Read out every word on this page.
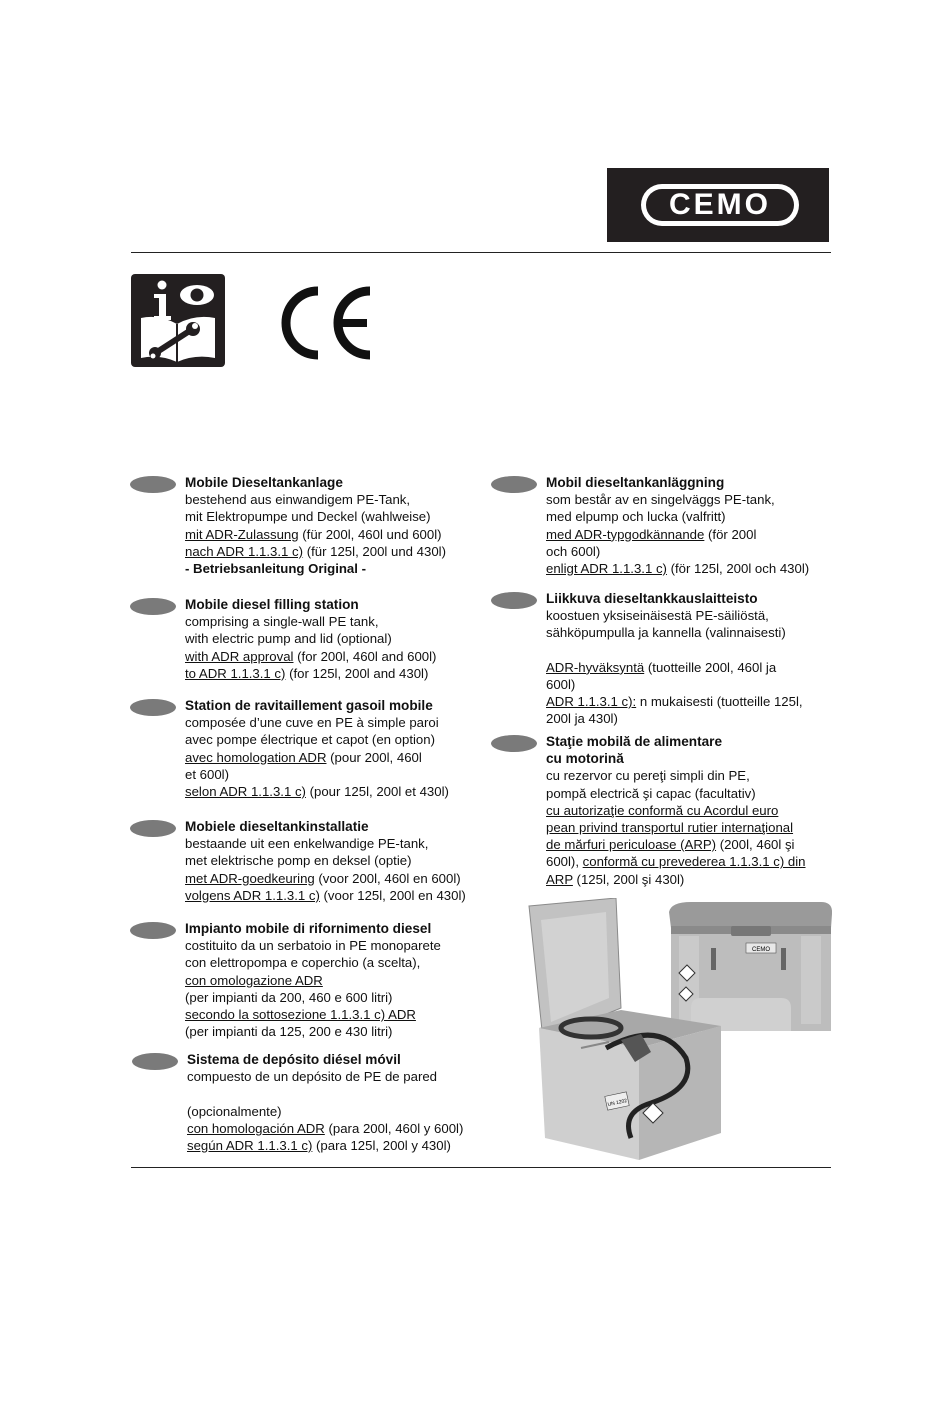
CEMO
Mobile Dieseltankanlage
bestehend aus einwandigem PE-Tank,
mit Elektropumpe und Deckel (wahlweise)
mit ADR-Zulassung (für 200l, 460l und 600l)
nach ADR 1.1.3.1 c) (für 125l, 200l und 430l)
- Betriebsanleitung Original -
Mobile diesel filling station
comprising a single-wall PE tank,
with electric pump and lid (optional)
with ADR approval (for 200l, 460l and 600l)
to ADR 1.1.3.1 c) (for 125l, 200l and 430l)
Station de ravitaillement gasoil mobile
composée d’une cuve en PE à simple paroi
avec pompe électrique et capot (en option)
avec homologation ADR (pour 200l, 460l
et 600l)
selon ADR 1.1.3.1 c) (pour 125l, 200l et 430l)
Mobiele dieseltankinstallatie
bestaande uit een enkelwandige PE-tank,
met elektrische pomp en deksel (optie)
met ADR-goedkeuring (voor 200l, 460l en 600l)
volgens ADR 1.1.3.1 c) (voor 125l, 200l en 430l)
Impianto mobile di rifornimento diesel
costituito da un serbatoio in PE monoparete
con elettropompa e coperchio (a scelta),
con omologazione ADR
(per impianti da 200, 460 e 600 litri)
secondo la sottosezione 1.1.3.1 c) ADR
(per impianti da 125, 200 e 430 litri)
Sistema de depósito diésel móvil
compuesto de un depósito de PE de pared
(opcionalmente)
con homologación ADR (para 200l, 460l y 600l)
según ADR 1.1.3.1 c) (para 125l, 200l y 430l)
Mobil dieseltankanläggning
som består av en singelväggs PE-tank,
med elpump och lucka (valfritt)
med ADR-typgodkännande (för 200l
och 600l)
enligt ADR 1.1.3.1 c) (för 125l, 200l och 430l)
Liikkuva dieseltankkauslaitteisto
koostuen yksiseinäisestä PE-säiliöstä,
sähköpumpulla ja kannella (valinnaisesti)
ADR-hyväksyntä (tuotteille 200l, 460l ja
600l)
ADR 1.1.3.1 c): n mukaisesti (tuotteille 125l,
200l ja 430l)
Staţie mobilă de alimentare
cu motorină
cu rezervor cu pereţi simpli din PE,
pompă electrică şi capac (facultativ)
cu autorizaţie conformă cu Acordul euro
pean privind transportul rutier internaţional
de mărfuri periculoase (ARP) (200l, 460l şi
600l), conformă cu prevederea 1.1.3.1 c) din
ARP (125l, 200l şi 430l)
CEMO
UN 1202
